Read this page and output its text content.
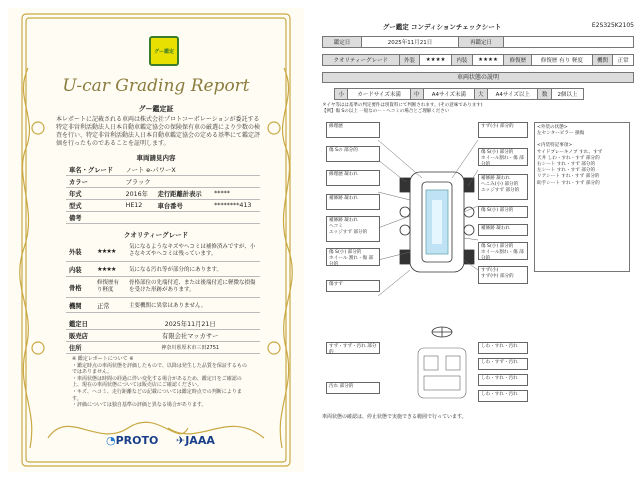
グー鑑定
U-car Grading Report
グー鑑定証
本レポートに記載される車両は株式会社プロトコーポレーションが委託する特定非営利活動法人日本自動車鑑定協会の保険保有車の厳選により少数の検査を行い、特定非営利活動法人日本自動車鑑定協会の定める基準にて鑑定評価を行ったものであることを証明します。
車両請見内容
車名・グレード	ノート e-パワーX		
カラー	ブラック		
年式	2016年	走行距離計表示	*****
型式	HE12	車台番号	********413
備考			
クオリティーグレード
外装	★★★★	気になるようなキズやヘコミは補修済みですが、小さなキズやヘコミは残っています。
内装	★★★★	気になる汚れ等が部分的にあります。
骨格	修復歴有り軽度	骨格部位の先端付近、または後端付近に軽微な損傷を受けた形跡があります。
機関	正常	主要機関に異常はありません。
鑑定日	2025年11月21日
販売店	有限会社マッカサー
住所	神奈川県厚木市三田2751
※ 鑑定レポートについて ※
・鑑定時点の車両状態を評価したもので、以降は発生した品質を保証するものではありません。
・車両状態は時間の経過に伴い変化する場合があるため、鑑定日をご確認の上、現在の車両状態については販売店にご確認ください。
・キズ、ヘコミ、走行距離などの記載については鑑定時点での判断によります。
・評価については独自基準の評価と異なる場合があります。
◔PROTO ✈JAAA
グー鑑定 コンディションチェックシート	E2S325K2105
鑑定日	2025年11月21日	再鑑定日	
クオリティーグレード	外装	★★★★	内装	★★★★	修復歴	修復歴 有り 軽度	機関	正常
車両状態の説明
小	カードサイズ未満	中	A4サイズ未満	大	A4サイズ以上	数	2個以上
タイヤ等はは基準の判定要件は別資料にて判断されます。(その意味であります)
【例】傷 Sの以上 一般なのー・ヘコミの場合とご理解ください
修理歴
傷 Sの 部分的
修理歴 凝われ
補修跡 凝われ
補修跡 凝われ
ヘコミ
エッジすず 部分的
傷 S(小) 部分的
ホイール 割れ・傷 部分的
傷すず
すず・すず・汚れ 部分的
汚れ 部分的
すず(小) 部分的
傷 S(小) 部分的
ホイール割れ・傷 部分的
補修跡 凝われ
へこみ(小) 部分的
エッジすず 部分的
傷 S(小) 部分的
補修跡 凝われ
傷 S(小) 部分的
ホイール割れ・傷 部分的
すず(小)
すず(中) 部分的
しわ・すれ・汚れ
しわ・すず・汚れ
しわ・すれ・汚れ
しわ・すれ・汚れ
<外装の状態>
左センターピラー 損傷
<内装特記事項>
サイドブレーキノブ すれ、すず
天井 しわ・すれ・すず 部分的
右シート すれ・すず 部分的
左シート すれ・すず 部分的
リアシート すれ・すず 部分的
助手シート すれ・すず 部分的
車両状態の確認は、停止状態で実施できる範囲で行っています。
